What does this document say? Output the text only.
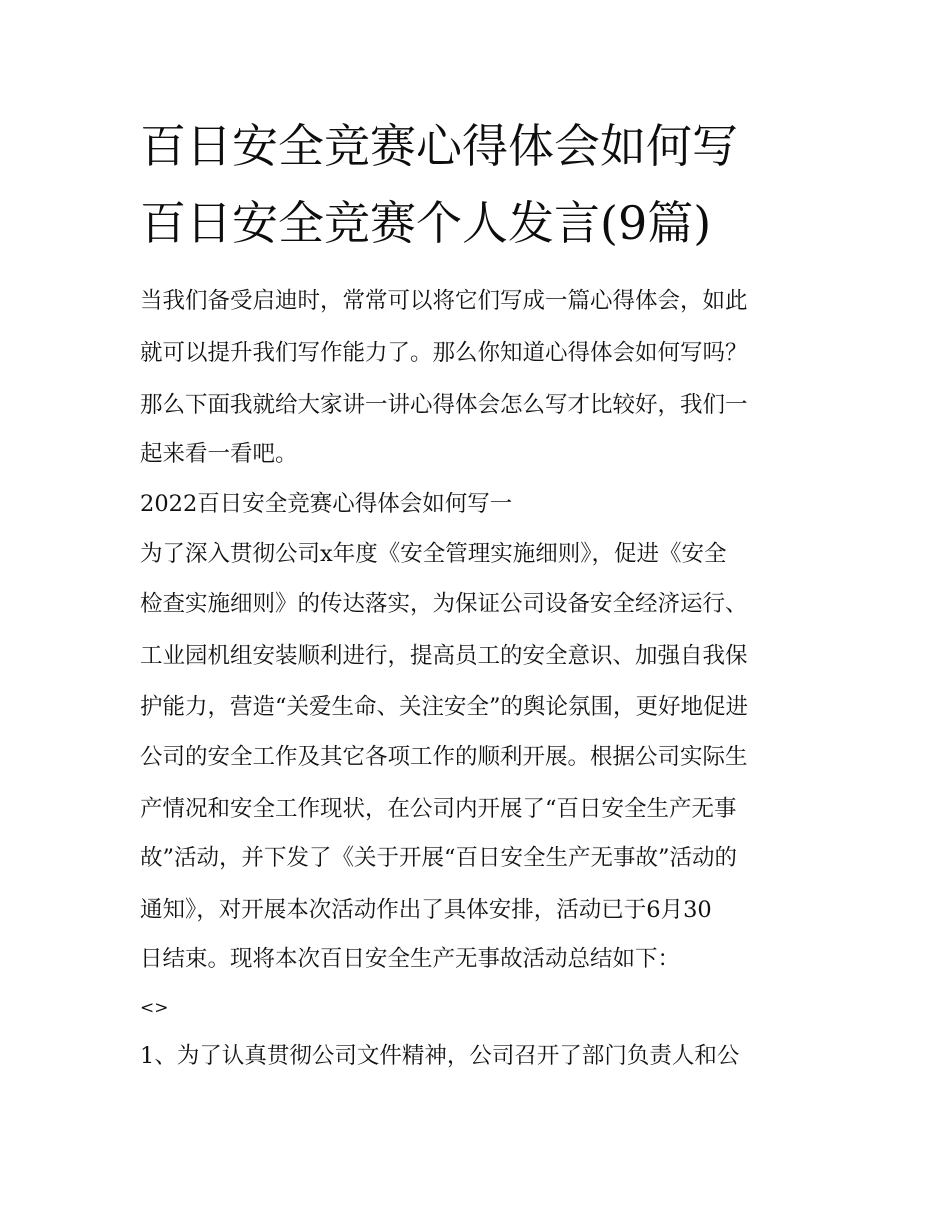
百日安全竞赛心得体会如何写
百日安全竞赛个人发言(9篇)
当我们备受启迪时，常常可以将它们写成一篇心得体会，如此
就可以提升我们写作能力了。那么你知道心得体会如何写吗？
那么下面我就给大家讲一讲心得体会怎么写才比较好，我们一
起来看一看吧。
2022百日安全竞赛心得体会如何写一
为了深入贯彻公司x年度《安全管理实施细则》，促进《安全
检查实施细则》的传达落实，为保证公司设备安全经济运行、
工业园机组安装顺利进行，提高员工的安全意识、加强自我保
护能力，营造“关爱生命、关注安全”的舆论氛围，更好地促进
公司的安全工作及其它各项工作的顺利开展。根据公司实际生
产情况和安全工作现状，在公司内开展了“百日安全生产无事
故”活动，并下发了《关于开展“百日安全生产无事故”活动的
通知》，对开展本次活动作出了具体安排，活动已于6月30
日结束。现将本次百日安全生产无事故活动总结如下：
<>
1、为了认真贯彻公司文件精神，公司召开了部门负责人和公
